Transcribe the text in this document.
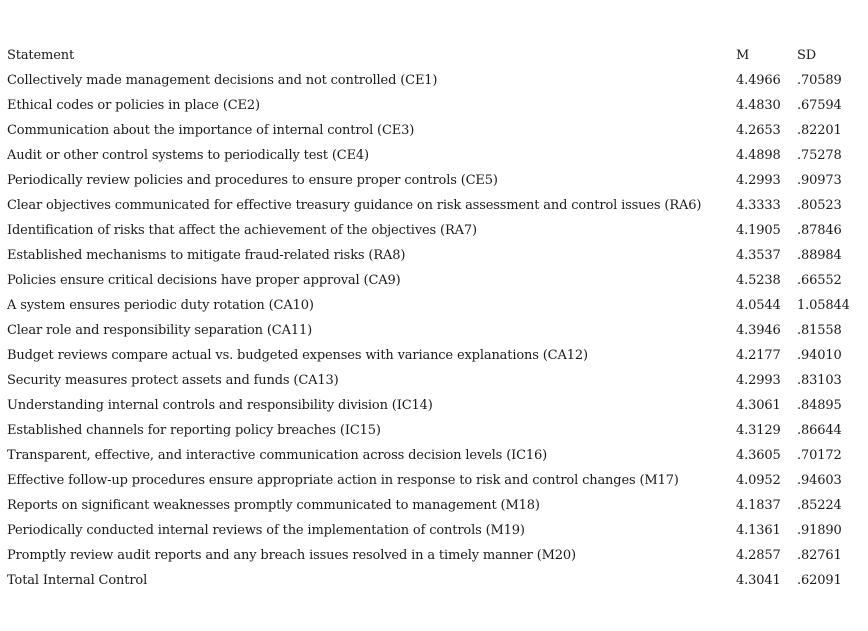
Statement	M	SD
Collectively made management decisions and not controlled (CE1)	4.4966	.70589
Ethical codes or policies in place (CE2)	4.4830	.67594
Communication about the importance of internal control (CE3)	4.2653	.82201
Audit or other control systems to periodically test (CE4)	4.4898	.75278
Periodically review policies and procedures to ensure proper controls (CE5)	4.2993	.90973
Clear objectives communicated for effective treasury guidance on risk assessment and control issues (RA6)	4.3333	.80523
Identification of risks that affect the achievement of the objectives (RA7)	4.1905	.87846
Established mechanisms to mitigate fraud-related risks (RA8)	4.3537	.88984
Policies ensure critical decisions have proper approval (CA9)	4.5238	.66552
A system ensures periodic duty rotation (CA10)	4.0544	1.05844
Clear role and responsibility separation (CA11)	4.3946	.81558
Budget reviews compare actual vs. budgeted expenses with variance explanations (CA12)	4.2177	.94010
Security measures protect assets and funds (CA13)	4.2993	.83103
Understanding internal controls and responsibility division (IC14)	4.3061	.84895
Established channels for reporting policy breaches (IC15)	4.3129	.86644
Transparent, effective, and interactive communication across decision levels (IC16)	4.3605	.70172
Effective follow-up procedures ensure appropriate action in response to risk and control changes (M17)	4.0952	.94603
Reports on significant weaknesses promptly communicated to management (M18)	4.1837	.85224
Periodically conducted internal reviews of the implementation of controls (M19)	4.1361	.91890
Promptly review audit reports and any breach issues resolved in a timely manner (M20)	4.2857	.82761
Total Internal Control	4.3041	.62091
